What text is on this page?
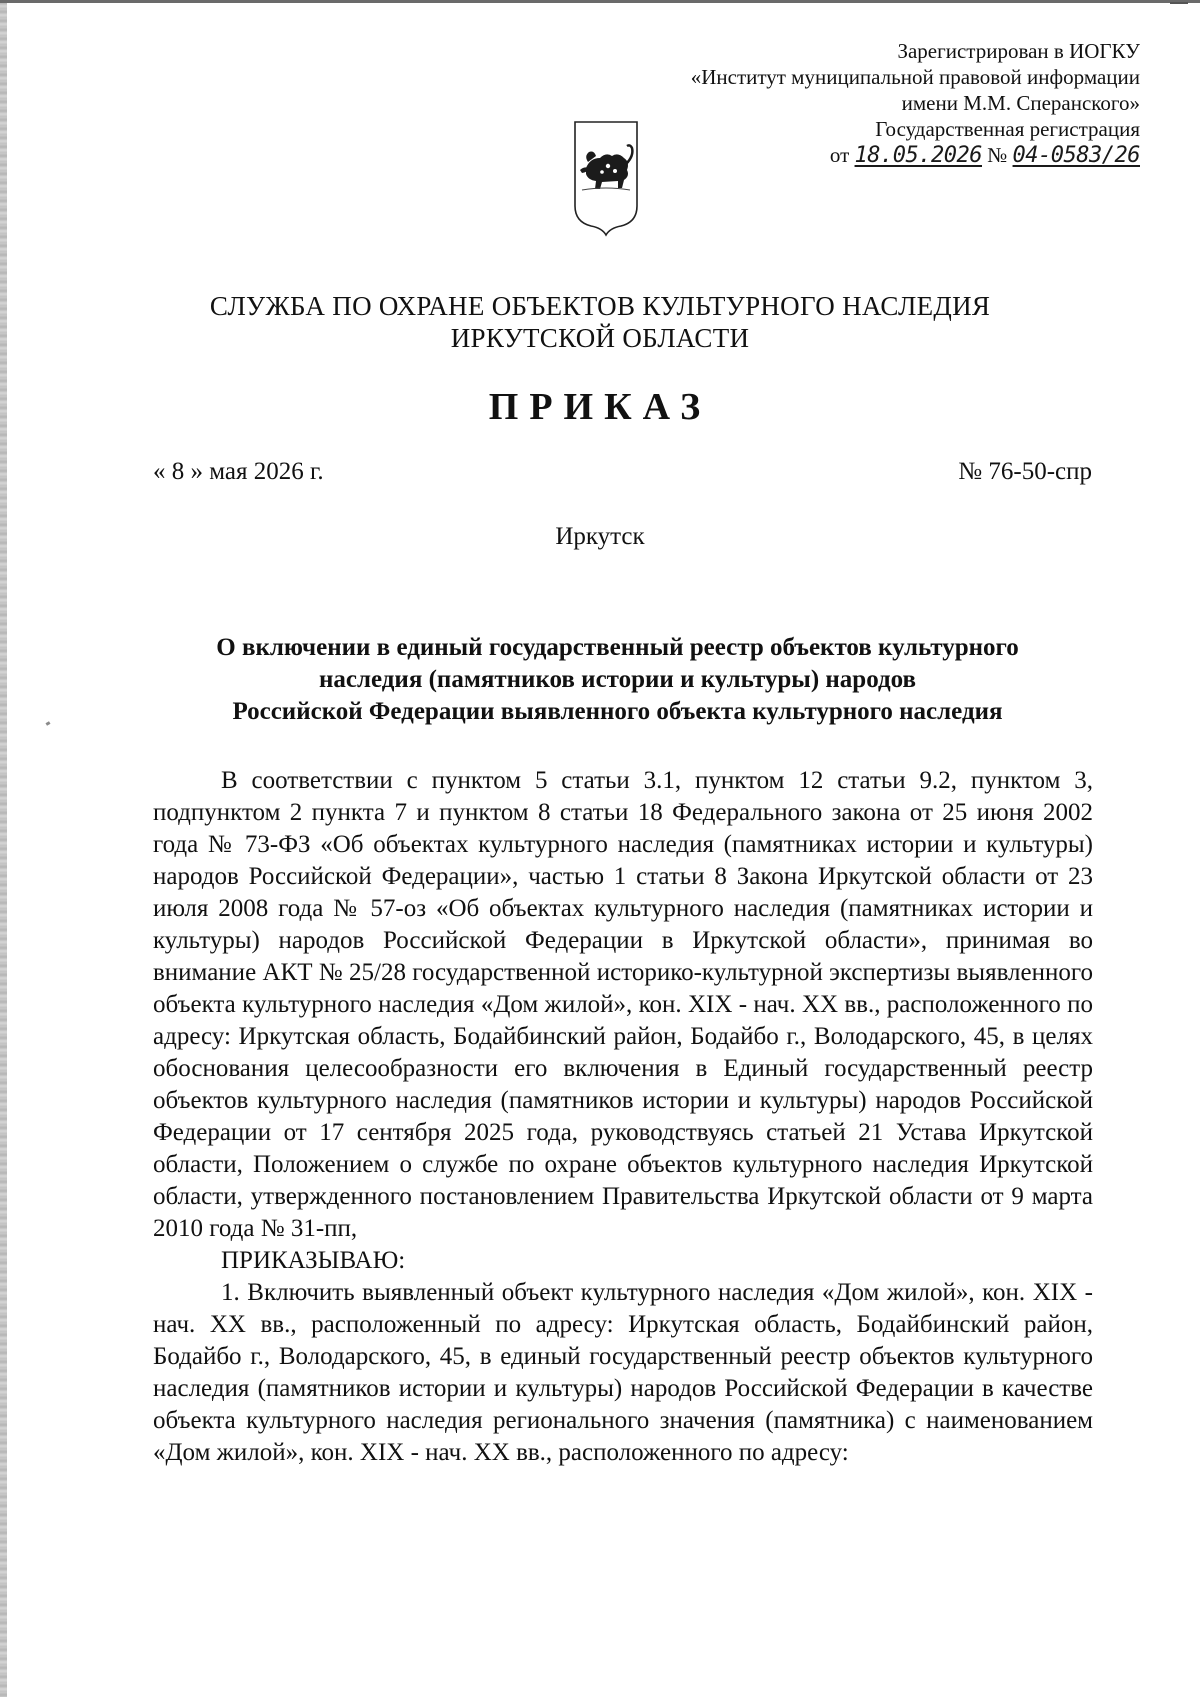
Зарегистрирован в ИОГКУ
«Институт муниципальной правовой информации
имени М.М. Сперанского»
Государственная регистрация
от 18.05.2026 № 04-0583/26
СЛУЖБА ПО ОХРАНЕ ОБЪЕКТОВ КУЛЬТУРНОГО НАСЛЕДИЯ
ИРКУТСКОЙ ОБЛАСТИ
ПРИКАЗ
« 8 » мая 2026 г.	№ 76-50-спр
Иркутск
О включении в единый государственный реестр объектов культурного
наследия (памятников истории и культуры) народов
Российской Федерации выявленного объекта культурного наследия

В соответствии с пунктом 5 статьи 3.1, пунктом 12 статьи 9.2, пунктом 3, подпунктом 2 пункта 7 и пунктом 8 статьи 18 Федерального закона от 25 июня 2002 года № 73-ФЗ «Об объектах культурного наследия (памятниках истории и культуры) народов Российской Федерации», частью 1 статьи 8 Закона Иркутской области от 23 июля 2008 года № 57-оз «Об объектах культурного наследия (памятниках истории и культуры) народов Российской Федерации в Иркутской области», принимая во внимание АКТ № 25/28 государственной историко-культурной экспертизы выявленного объекта культурного наследия «Дом жилой», кон. XIX - нач. XX вв., расположенного по адресу: Иркутская область, Бодайбинский район, Бодайбо г., Володарского, 45, в целях обоснования целесообразности его включения в Единый государственный реестр объектов культурного наследия (памятников истории и культуры) народов Российской Федерации от 17 сентября 2025 года, руководствуясь статьей 21 Устава Иркутской области, Положением о службе по охране объектов культурного наследия Иркутской области, утвержденного постановлением Правительства Иркутской области от 9 марта 2010 года № 31-пп,

ПРИКАЗЫВАЮ:

1. Включить выявленный объект культурного наследия «Дом жилой», кон. XIX - нач. XX вв., расположенный по адресу: Иркутская область, Бодайбинский район, Бодайбо г., Володарского, 45, в единый государственный реестр объектов культурного наследия (памятников истории и культуры) народов Российской Федерации в качестве объекта культурного наследия регионального значения (памятника) с наименованием «Дом жилой», кон. XIX - нач. XX вв., расположенного по адресу:
